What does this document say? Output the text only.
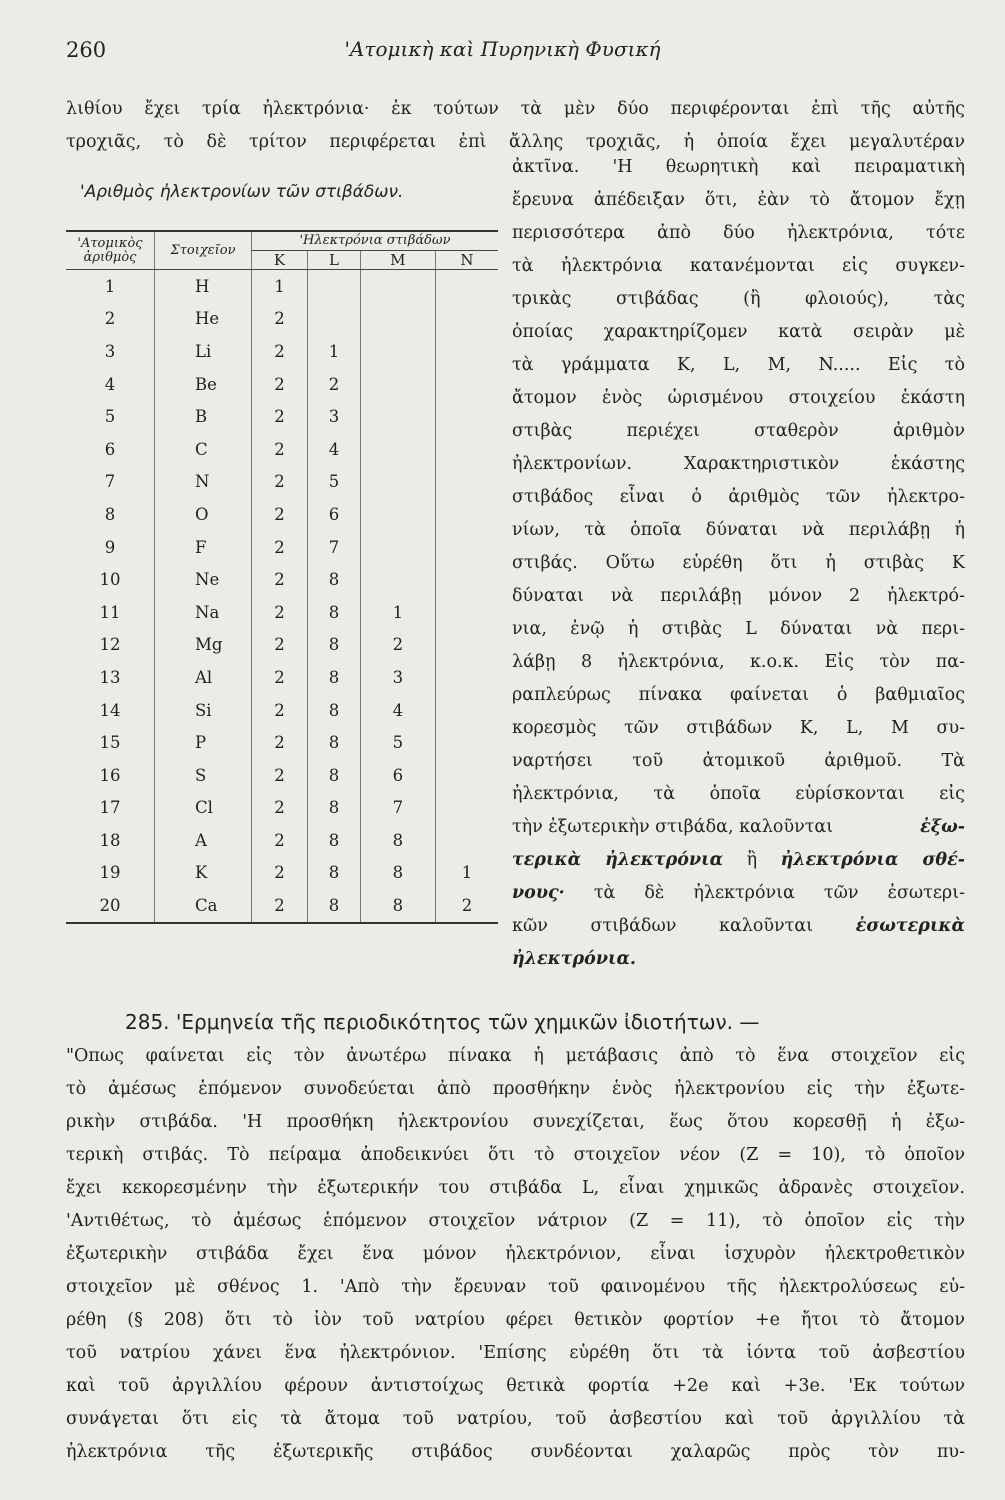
260	'Ατομικὴ καὶ Πυρηνικὴ Φυσική

λιθίου ἔχει τρία ἠλεκτρόνια· ἐκ τούτων τὰ μὲν δύο περιφέρονται ἐπὶ τῆς αὐτῆς

τροχιᾶς, τὸ δὲ τρίτον περιφέρεται ἐπὶ ἄλλης τροχιᾶς, ἡ ὁποία ἔχει μεγαλυτέραν

'Αριθμὸς ἠλεκτρονίων τῶν στιβάδων.
'Ατομικὸς ἀριθμὸς	Στοιχεῖον	'Ηλεκτρόνια στιβάδων			
		K	L	M	N
1	H	1			
2	He	2			
3	Li	2	1		
4	Be	2	2		
5	B	2	3		
6	C	2	4		
7	N	2	5		
8	O	2	6		
9	F	2	7		
10	Ne	2	8		
11	Na	2	8	1	
12	Mg	2	8	2	
13	Al	2	8	3	
14	Si	2	8	4	
15	P	2	8	5	
16	S	2	8	6	
17	Cl	2	8	7	
18	A	2	8	8	
19	K	2	8	8	1
20	Ca	2	8	8	2

ἀκτῖνα. 'Η θεωρητικὴ καὶ πειραματικὴ

ἔρευνα ἀπέδειξαν ὅτι, ἐὰν τὸ ἄτομον ἔχῃ

περισσότερα ἀπὸ δύο ἠλεκτρόνια, τότε

τὰ ἠλεκτρόνια κατανέμονται εἰς συγκεν-

τρικὰς στιβάδας (ἢ φλοιούς), τὰς

ὁποίας χαρακτηρίζομεν κατὰ σειρὰν μὲ

τὰ γράμματα K, L, M, N..... Εἰς τὸ

ἄτομον ἑνὸς ὡρισμένου στοιχείου ἑκάστη

στιβὰς περιέχει σταθερὸν ἀριθμὸν

ἠλεκτρονίων. Χαρακτηριστικὸν ἑκάστης

στιβάδος εἶναι ὁ ἀριθμὸς τῶν ἠλεκτρο-

νίων, τὰ ὁποῖα δύναται νὰ περιλάβῃ ἡ

στιβάς. Οὕτω εὑρέθη ὅτι ἡ στιβὰς K

δύναται νὰ περιλάβῃ μόνον 2 ἠλεκτρό-

νια, ἐνῷ ἡ στιβὰς L δύναται νὰ περι-

λάβῃ 8 ἠλεκτρόνια, κ.ο.κ. Εἰς τὸν πα-

ραπλεύρως πίνακα φαίνεται ὁ βαθμιαῖος

κορεσμὸς τῶν στιβάδων K, L, M συ-

ναρτήσει τοῦ ἀτομικοῦ ἀριθμοῦ. Τὰ

ἠλεκτρόνια, τὰ ὁποῖα εὑρίσκονται εἰς

τὴν ἐξωτερικὴν στιβάδα, καλοῦνται	ἐξω-

τερικὰ ἠλεκτρόνια ἢ ἠλεκτρόνια σθέ-

νους· τὰ δὲ ἠλεκτρόνια τῶν ἐσωτερι-

κῶν στιβάδων καλοῦνται ἐσωτερικὰ

ἠλεκτρόνια.

285. 'Ερμηνεία τῆς περιοδικότητος τῶν χημικῶν ἰδιοτήτων. —

"Οπως φαίνεται εἰς τὸν ἀνωτέρω πίνακα ἡ μετάβασις ἀπὸ τὸ ἕνα στοιχεῖον εἰς

τὸ ἀμέσως ἑπόμενον συνοδεύεται ἀπὸ προσθήκην ἑνὸς ἠλεκτρονίου εἰς τὴν ἐξωτε-

ρικὴν στιβάδα. 'Η προσθήκη ἠλεκτρονίου συνεχίζεται, ἕως ὅτου κορεσθῇ ἡ ἐξω-

τερικὴ στιβάς. Τὸ πείραμα ἀποδεικνύει ὅτι τὸ στοιχεῖον νέον (Z = 10), τὸ ὁποῖον

ἔχει κεκορεσμένην τὴν ἐξωτερικήν του στιβάδα L, εἶναι χημικῶς ἀδρανὲς στοιχεῖον.

'Αντιθέτως, τὸ ἀμέσως ἑπόμενον στοιχεῖον νάτριον (Z = 11), τὸ ὁποῖον εἰς τὴν

ἐξωτερικὴν στιβάδα ἔχει ἕνα μόνον ἠλεκτρόνιον, εἶναι ἰσχυρὸν ἠλεκτροθετικὸν

στοιχεῖον μὲ σθένος 1. 'Απὸ τὴν ἔρευναν τοῦ φαινομένου τῆς ἠλεκτρολύσεως εὑ-

ρέθη (§ 208) ὅτι τὸ ἰὸν τοῦ νατρίου φέρει θετικὸν φορτίον +e ἤτοι τὸ ἄτομον

τοῦ νατρίου χάνει ἕνα ἠλεκτρόνιον. 'Επίσης εὑρέθη ὅτι τὰ ἰόντα τοῦ ἀσβεστίου

καὶ τοῦ ἀργιλλίου φέρουν ἀντιστοίχως θετικὰ φορτία +2e καὶ +3e. 'Εκ τούτων

συνάγεται ὅτι εἰς τὰ ἄτομα τοῦ νατρίου, τοῦ ἀσβεστίου καὶ τοῦ ἀργιλλίου τὰ

ἠλεκτρόνια τῆς ἐξωτερικῆς στιβάδος συνδέονται χαλαρῶς πρὸς τὸν πυ-
